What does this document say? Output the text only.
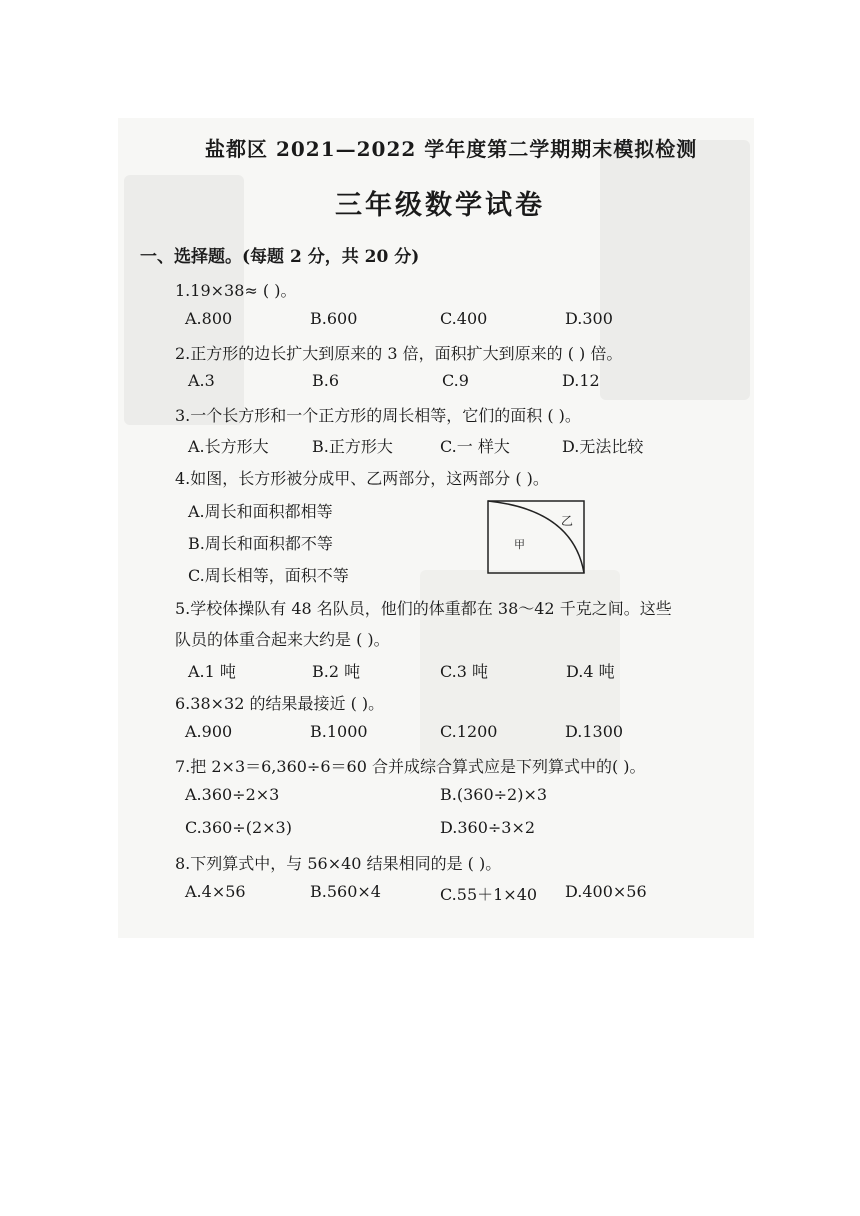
盐都区 2021—2022 学年度第二学期期末模拟检测
三年级数学试卷
一、选择题。(每题 2 分，共 20 分)
1.19×38≈ ( )。
A.800	B.600	C.400	D.300
2.正方形的边长扩大到原来的 3 倍，面积扩大到原来的 ( ) 倍。
A.3	B.6	C.9	D.12
3.一个长方形和一个正方形的周长相等，它们的面积 ( )。
A.长方形大	B.正方形大	C.一 样大	D.无法比较
4.如图，长方形被分成甲、乙两部分，这两部分 ( )。
A.周长和面积都相等
B.周长和面积都不等
C.周长相等，面积不等
乙
甲
5.学校体操队有 48 名队员，他们的体重都在 38～42 千克之间。这些
队员的体重合起来大约是 ( )。
A.1 吨	B.2 吨	C.3 吨	D.4 吨
6.38×32 的结果最接近 ( )。
A.900	B.1000	C.1200	D.1300
7.把 2×3＝6,360÷6＝60 合并成综合算式应是下列算式中的( )。
A.360÷2×3	B.(360÷2)×3
C.360÷(2×3)	D.360÷3×2
8.下列算式中，与 56×40 结果相同的是 ( )。
A.4×56	B.560×4	C.55＋1×40 D.400×56
